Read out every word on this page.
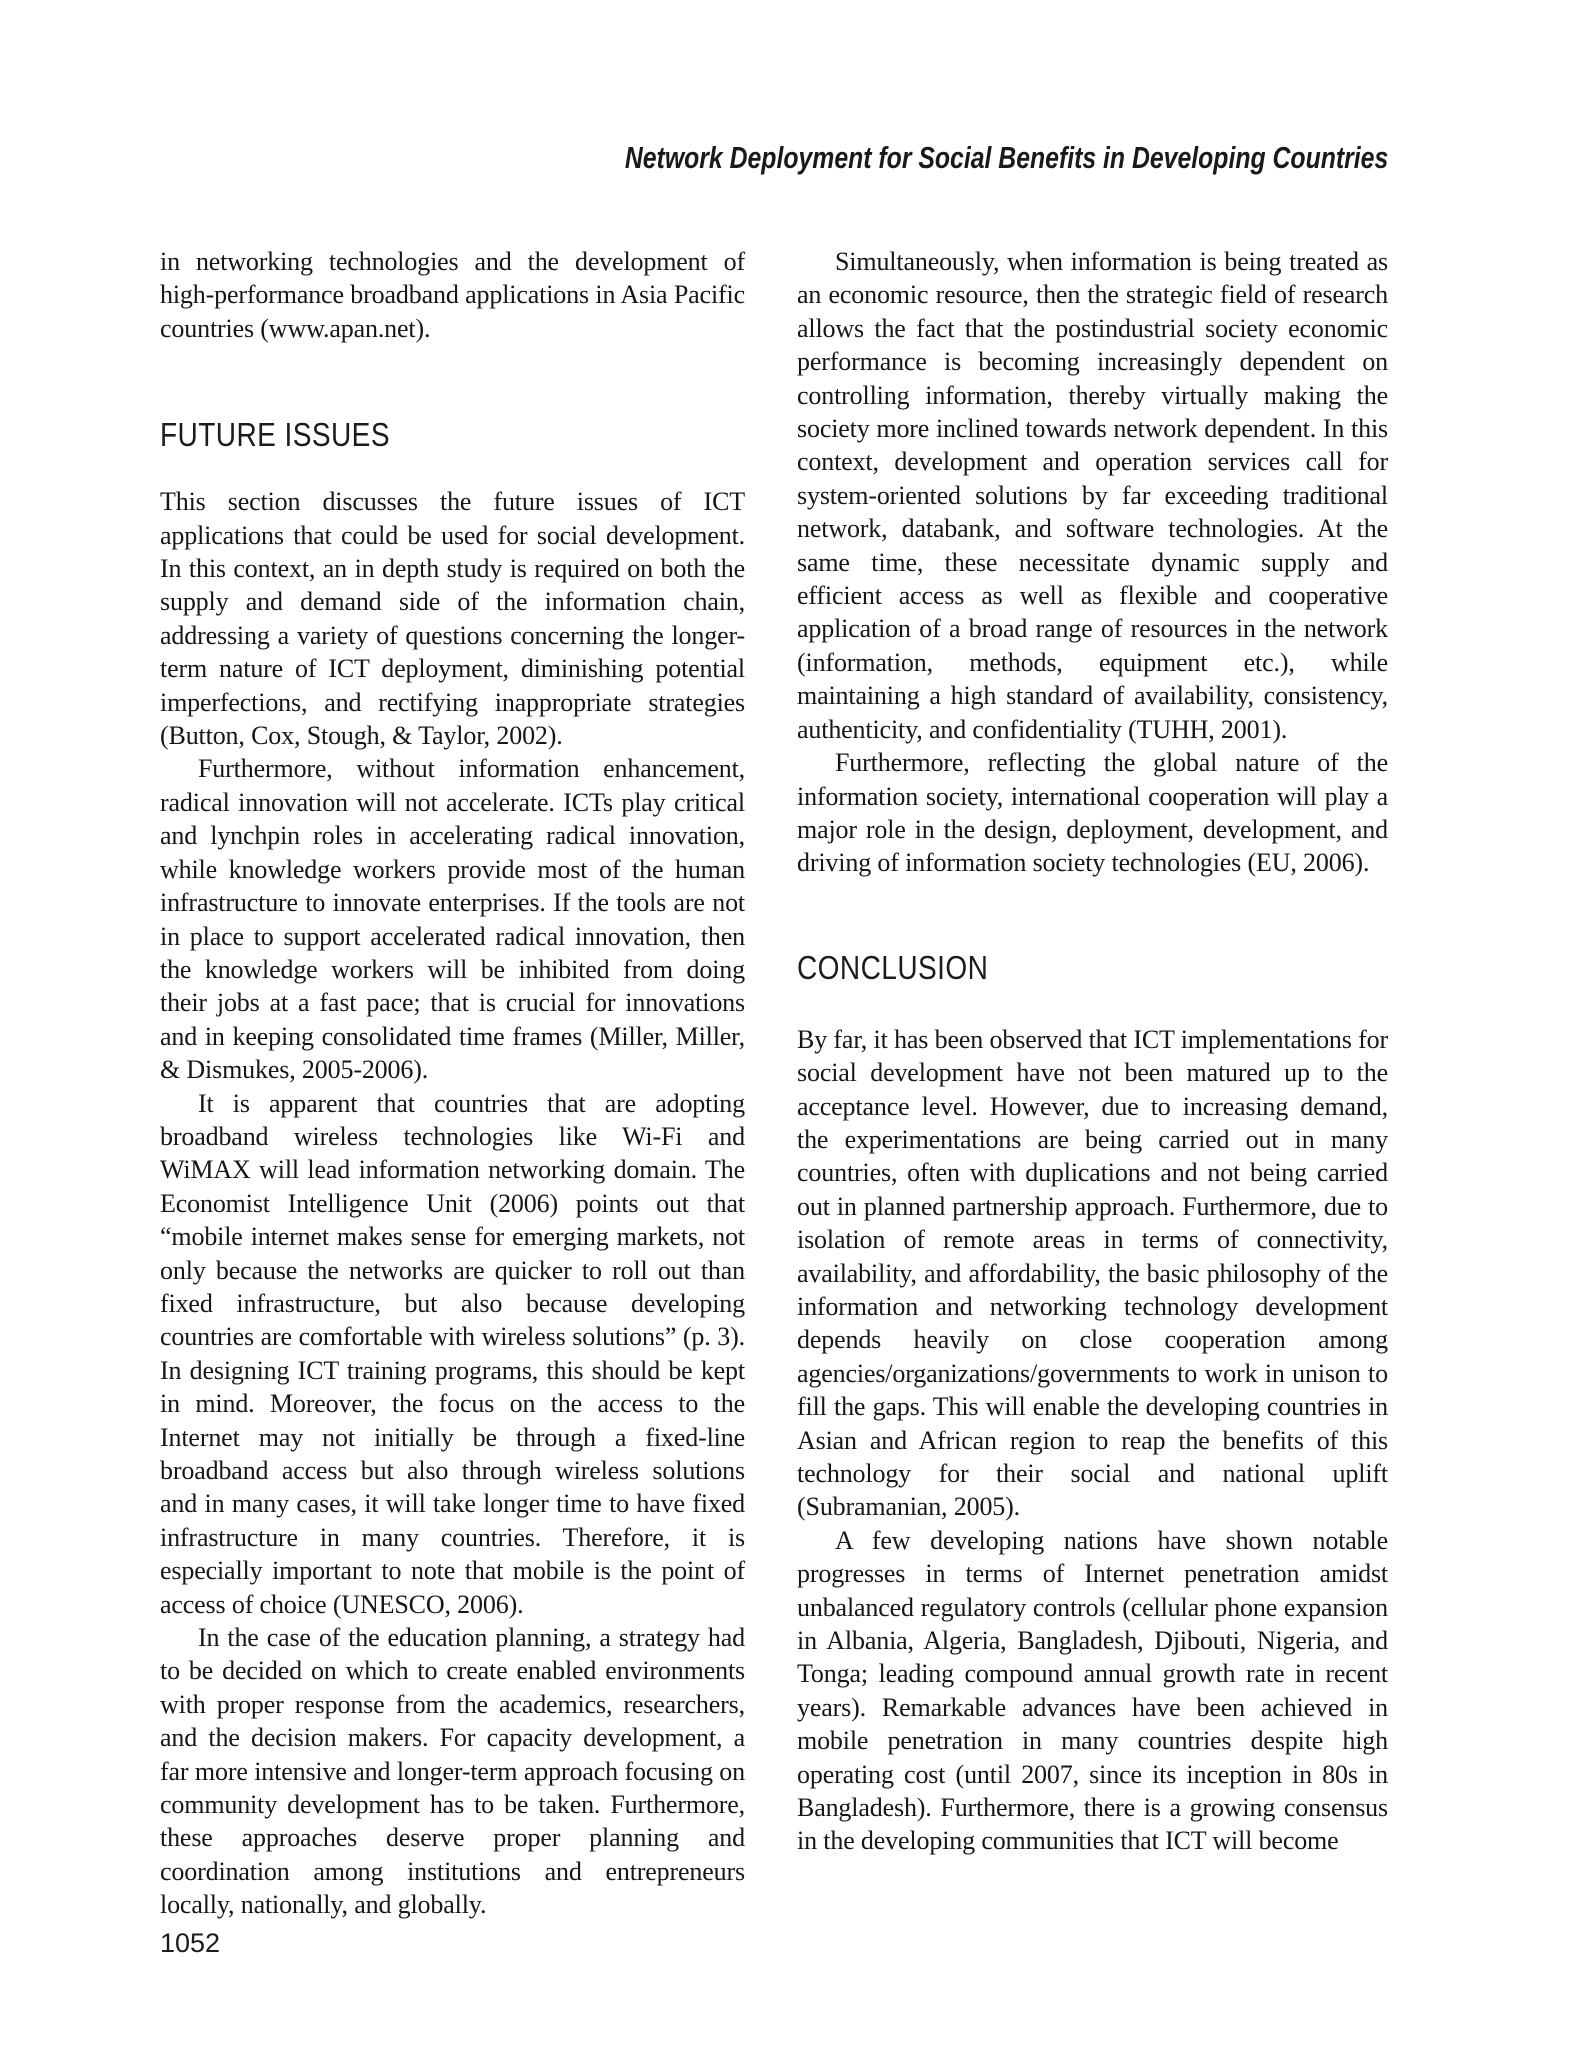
Network Deployment for Social Benefits in Developing Countries

in networking technologies and the development of high-performance broadband applications in Asia Pacific countries (www.apan.net).

FUTURE ISSUES

This section discusses the future issues of ICT applications that could be used for social development. In this context, an in depth study is required on both the supply and demand side of the information chain, addressing a variety of questions concerning the longer-term nature of ICT deployment, diminishing potential imperfections, and rectifying inappropriate strategies (Button, Cox, Stough, & Taylor, 2002).

Furthermore, without information enhancement, radical innovation will not accelerate. ICTs play critical and lynchpin roles in accelerating radical innovation, while knowledge workers provide most of the human infrastructure to innovate enterprises. If the tools are not in place to support accelerated radical innovation, then the knowledge workers will be inhibited from doing their jobs at a fast pace; that is crucial for innovations and in keeping consolidated time frames (Miller, Miller, & Dismukes, 2005-2006).

It is apparent that countries that are adopting broadband wireless technologies like Wi-Fi and WiMAX will lead information networking domain. The Economist Intelligence Unit (2006) points out that “mobile internet makes sense for emerging markets, not only because the networks are quicker to roll out than fixed infrastructure, but also because developing countries are comfortable with wireless solutions” (p. 3). In designing ICT training programs, this should be kept in mind. Moreover, the focus on the access to the Internet may not initially be through a fixed-line broadband access but also through wireless solutions and in many cases, it will take longer time to have fixed infrastructure in many countries. Therefore, it is especially important to note that mobile is the point of access of choice (UNESCO, 2006).

In the case of the education planning, a strategy had to be decided on which to create enabled environments with proper response from the academics, researchers, and the decision makers. For capacity development, a far more intensive and longer-term approach focusing on community development has to be taken. Furthermore, these approaches deserve proper planning and coordination among institutions and entrepreneurs locally, nationally, and globally.

Simultaneously, when information is being treated as an economic resource, then the strategic field of research allows the fact that the postindustrial society economic performance is becoming increasingly dependent on controlling information, thereby virtually making the society more inclined towards network dependent. In this context, development and operation services call for system-oriented solutions by far exceeding traditional network, databank, and software technologies. At the same time, these necessitate dynamic supply and efficient access as well as flexible and cooperative application of a broad range of resources in the network (information, methods, equipment etc.), while maintaining a high standard of availability, consistency, authenticity, and confidentiality (TUHH, 2001).

Furthermore, reflecting the global nature of the information society, international cooperation will play a major role in the design, deployment, development, and driving of information society technologies (EU, 2006).

CONCLUSION

By far, it has been observed that ICT implementations for social development have not been matured up to the acceptance level. However, due to increasing demand, the experimentations are being carried out in many countries, often with duplications and not being carried out in planned partnership approach. Furthermore, due to isolation of remote areas in terms of connectivity, availability, and affordability, the basic philosophy of the information and networking technology development depends heavily on close cooperation among agencies/organizations/governments to work in unison to fill the gaps. This will enable the developing countries in Asian and African region to reap the benefits of this technology for their social and national uplift (Subramanian, 2005).

A few developing nations have shown notable progresses in terms of Internet penetration amidst unbalanced regulatory controls (cellular phone expansion in Albania, Algeria, Bangladesh, Djibouti, Nigeria, and Tonga; leading compound annual growth rate in recent years). Remarkable advances have been achieved in mobile penetration in many countries despite high operating cost (until 2007, since its inception in 80s in Bangladesh). Furthermore, there is a growing consensus in the developing communities that ICT will become

1052
